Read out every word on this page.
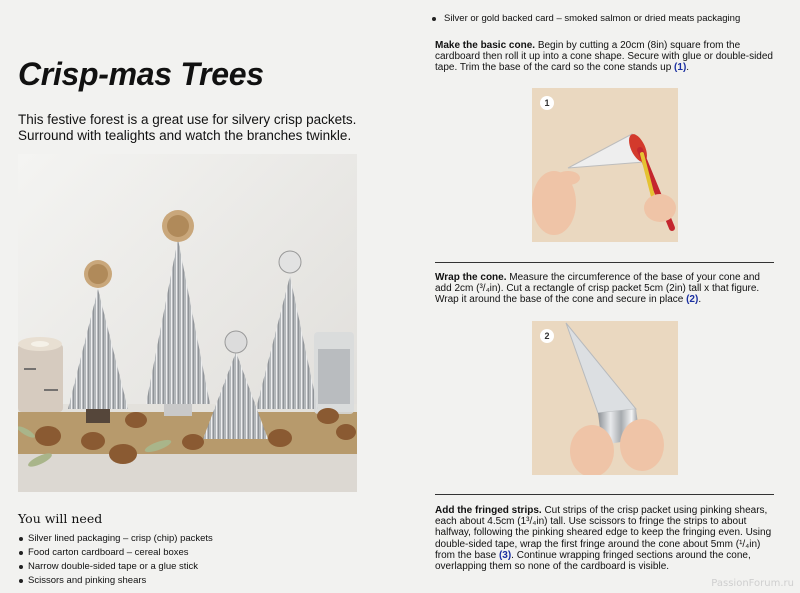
Crisp-mas Trees

This festive forest is a great use for silvery crisp packets. Surround with tealights and watch the branches twinkle.

You will need
Silver lined packaging – crisp (chip) packets
Food carton cardboard – cereal boxes
Narrow double-sided tape or a glue stick
Scissors and pinking shears
Silver or gold backed card – smoked salmon or dried meats packaging

Make the basic cone. Begin by cutting a 20cm (8in) square from the cardboard then roll it up into a cone shape. Secure with glue or double-sided tape. Trim the base of the card so the cone stands up (1).

1

Wrap the cone. Measure the circumference of the base of your cone and add 2cm (³/₄in). Cut a rectangle of crisp packet 5cm (2in) tall x that figure. Wrap it around the base of the cone and secure in place (2).

2

Add the fringed strips. Cut strips of the crisp packet using pinking shears, each about 4.5cm (1³/₄in) tall. Use scissors to fringe the strips to about halfway, following the pinking sheared edge to keep the fringing even. Using double-sided tape, wrap the first fringe around the cone about 5mm (¹/₄in) from the base (3). Continue wrapping fringed sections around the cone, overlapping them so none of the cardboard is visible.

PassionForum.ru
